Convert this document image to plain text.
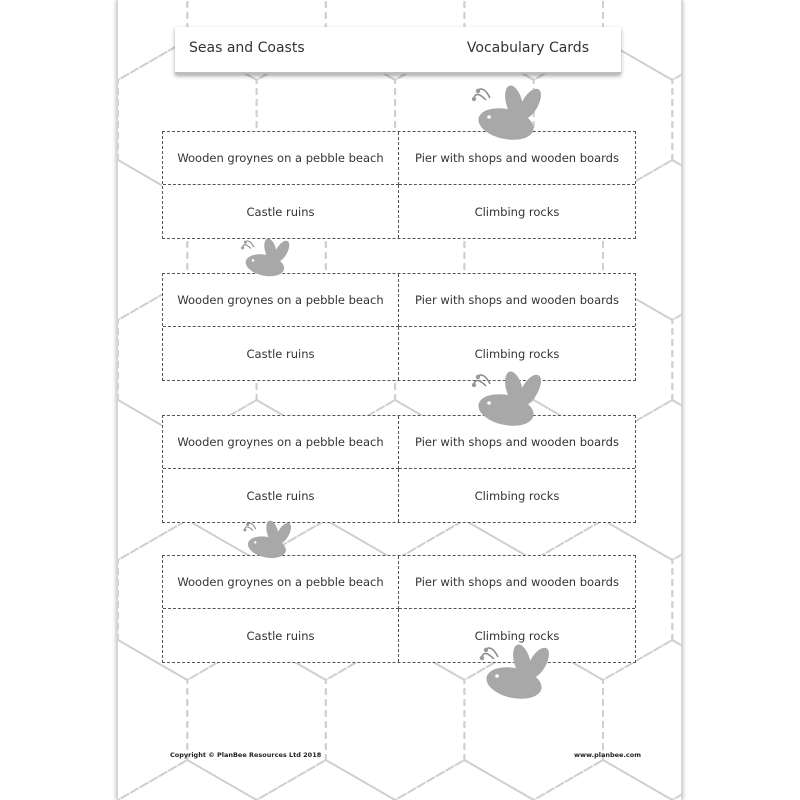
Seas and Coasts	Vocabulary Cards
Wooden groynes on a pebble beach	Pier with shops and wooden boards
Castle ruins	Climbing rocks
Wooden groynes on a pebble beach	Pier with shops and wooden boards
Castle ruins	Climbing rocks
Wooden groynes on a pebble beach	Pier with shops and wooden boards
Castle ruins	Climbing rocks
Wooden groynes on a pebble beach	Pier with shops and wooden boards
Castle ruins	Climbing rocks
Copyright © PlanBee Resources Ltd 2018	www.planbee.com
